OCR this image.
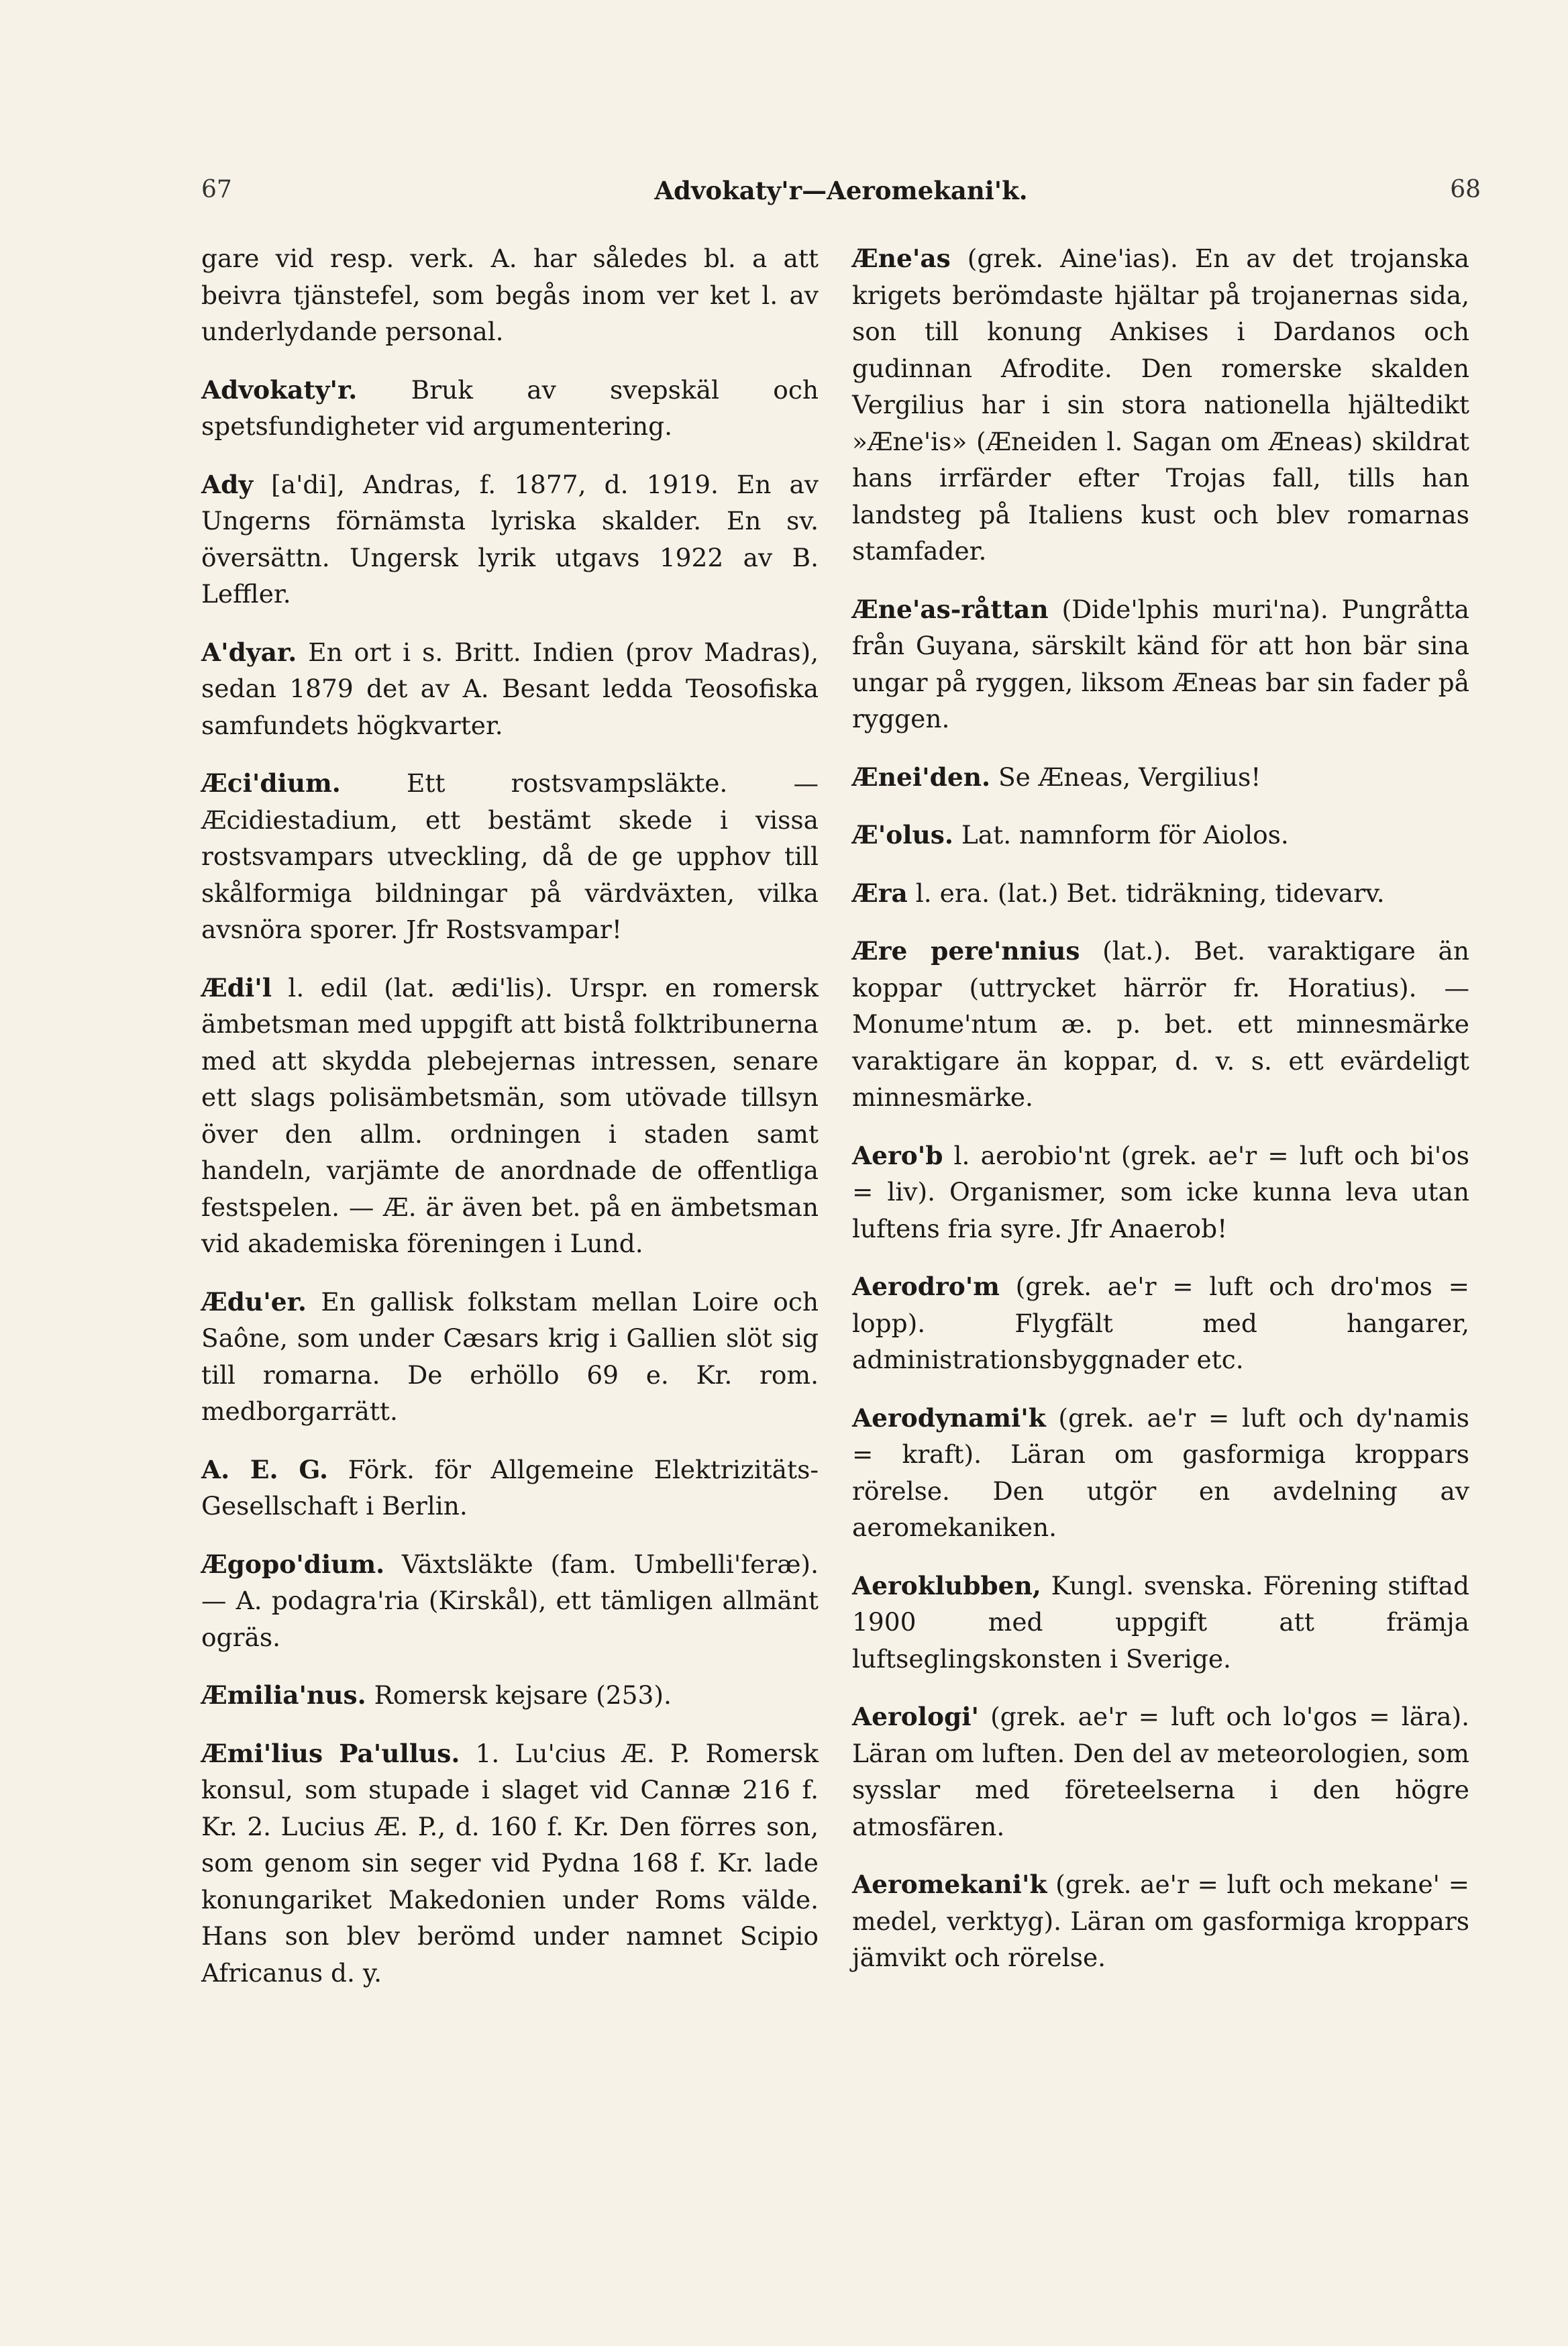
67	Advokaty'r—Aeromekani'k.	68

gare vid resp. verk. A. har således bl. a att beivra tjänstefel, som begås inom ver ket l. av underlydande personal.

Advokaty'r. Bruk av svepskäl och spetsfundigheter vid argumentering.

Ady [a'di], Andras, f. 1877, d. 1919. En av Ungerns förnämsta lyriska skalder. En sv. översättn. Ungersk lyrik utgavs 1922 av B. Leffler.

A'dyar. En ort i s. Britt. Indien (prov Madras), sedan 1879 det av A. Besant ledda Teosofiska samfundets högkvarter.

Æci'dium. Ett rostsvampsläkte. — Æcidiestadium, ett bestämt skede i vissa rostsvampars utveckling, då de ge upphov till skålformiga bildningar på värdväxten, vilka avsnöra sporer. Jfr Rostsvampar!

Ædi'l l. edil (lat. ædi'lis). Urspr. en romersk ämbetsman med uppgift att bistå folktribunerna med att skydda plebejernas intressen, senare ett slags polisämbetsmän, som utövade tillsyn över den allm. ordningen i staden samt handeln, varjämte de anordnade de offentliga festspelen. — Æ. är även bet. på en ämbetsman vid akademiska föreningen i Lund.

Ædu'er. En gallisk folkstam mellan Loire och Saône, som under Cæsars krig i Gallien slöt sig till romarna. De erhöllo 69 e. Kr. rom. medborgarrätt.

A. E. G. Förk. för Allgemeine Elektrizitäts-Gesellschaft i Berlin.

Ægopo'dium. Växtsläkte (fam. Umbelli'feræ). — A. podagra'ria (Kirskål), ett tämligen allmänt ogräs.

Æmilia'nus. Romersk kejsare (253).

Æmi'lius Pa'ullus. 1. Lu'cius Æ. P. Romersk konsul, som stupade i slaget vid Cannæ 216 f. Kr. 2. Lucius Æ. P., d. 160 f. Kr. Den förres son, som genom sin seger vid Pydna 168 f. Kr. lade konungariket Makedonien under Roms välde. Hans son blev berömd under namnet Scipio Africanus d. y.

Æne'as (grek. Aine'ias). En av det trojanska krigets berömdaste hjältar på trojanernas sida, son till konung Ankises i Dardanos och gudinnan Afrodite. Den romerske skalden Vergilius har i sin stora nationella hjältedikt »Æne'is» (Æneiden l. Sagan om Æneas) skildrat hans irrfärder efter Trojas fall, tills han landsteg på Italiens kust och blev romarnas stamfader.

Æne'as-råttan (Dide'lphis muri'na). Pungråtta från Guyana, särskilt känd för att hon bär sina ungar på ryggen, liksom Æneas bar sin fader på ryggen.

Ænei'den. Se Æneas, Vergilius!

Æ'olus. Lat. namnform för Aiolos.

Æra l. era. (lat.) Bet. tidräkning, tidevarv.

Ære pere'nnius (lat.). Bet. varaktigare än koppar (uttrycket härrör fr. Horatius). — Monume'ntum æ. p. bet. ett minnesmärke varaktigare än koppar, d. v. s. ett evärdeligt minnesmärke.

Aero'b l. aerobio'nt (grek. ae'r = luft och bi'os = liv). Organismer, som icke kunna leva utan luftens fria syre. Jfr Anaerob!

Aerodro'm (grek. ae'r = luft och dro'mos = lopp). Flygfält med hangarer, administrationsbyggnader etc.

Aerodynami'k (grek. ae'r = luft och dy'namis = kraft). Läran om gasformiga kroppars rörelse. Den utgör en avdelning av aeromekaniken.

Aeroklubben, Kungl. svenska. Förening stiftad 1900 med uppgift att främja luftseglingskonsten i Sverige.

Aerologi' (grek. ae'r = luft och lo'gos = lära). Läran om luften. Den del av meteorologien, som sysslar med företeelserna i den högre atmosfären.

Aeromekani'k (grek. ae'r = luft och mekane' = medel, verktyg). Läran om gasformiga kroppars jämvikt och rörelse.
